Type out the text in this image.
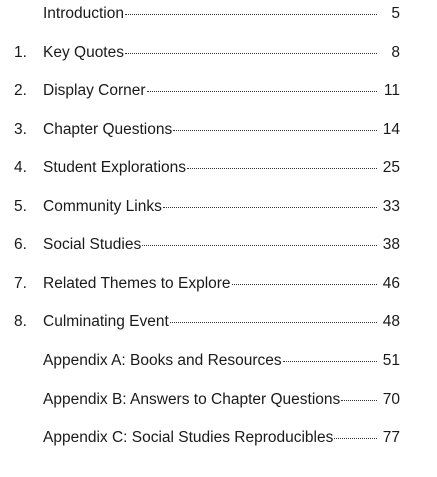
Introduction	5
1.	Key Quotes	8
2.	Display Corner	11
3.	Chapter Questions	14
4.	Student Explorations	25
5.	Community Links	33
6.	Social Studies	38
7.	Related Themes to Explore	46
8.	Culminating Event	48
Appendix A: Books and Resources	51
Appendix B: Answers to Chapter Questions	70
Appendix C: Social Studies Reproducibles	77
